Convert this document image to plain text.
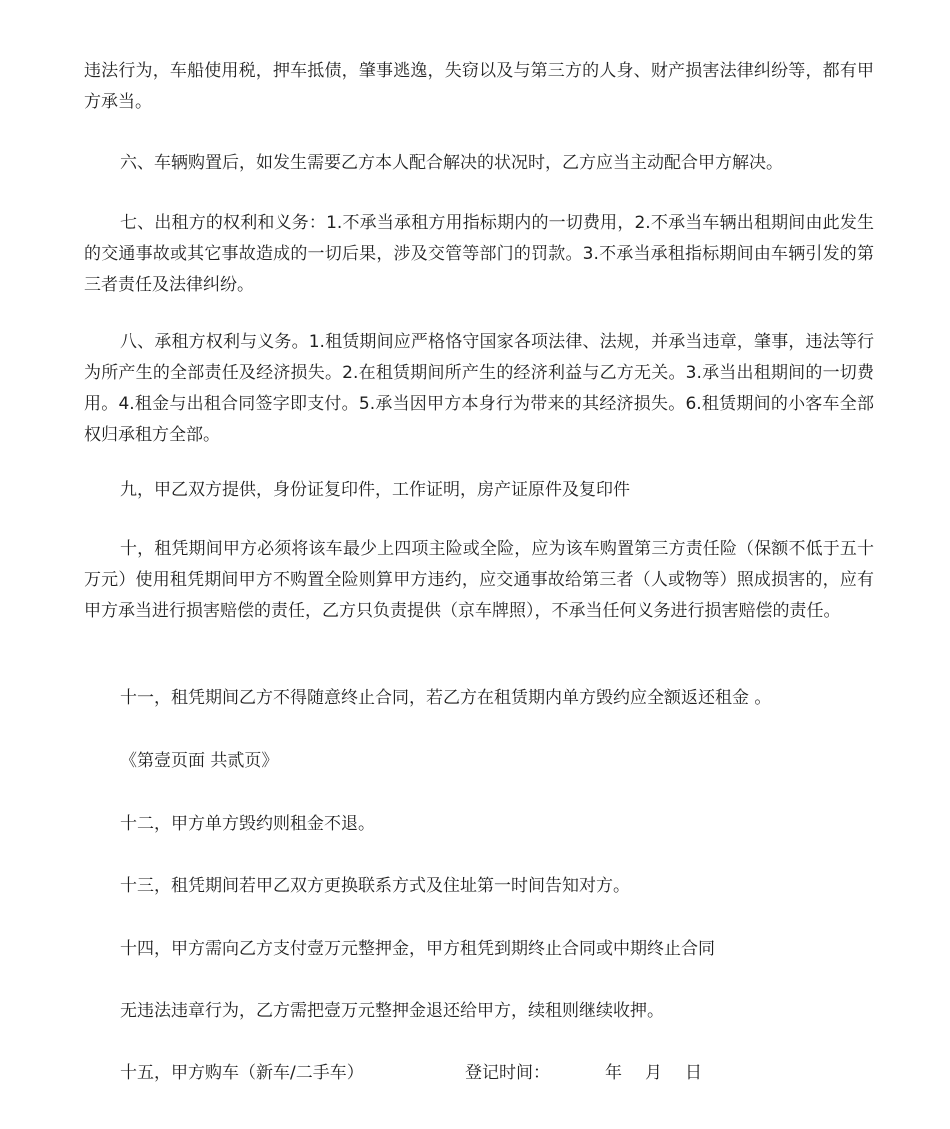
违法行为，车船使用税，押车抵债，肇事逃逸，失窃以及与第三方的人身、财产损害法律纠纷等，都有甲方承当。

六、车辆购置后，如发生需要乙方本人配合解决的状况时，乙方应当主动配合甲方解决。

七、出租方的权利和义务：1.不承当承租方用指标期内的一切费用，2.不承当车辆出租期间由此发生的交通事故或其它事故造成的一切后果，涉及交管等部门的罚款。3.不承当承租指标期间由车辆引发的第三者责任及法律纠纷。

八、承租方权利与义务。1.租赁期间应严格恪守国家各项法律、法规，并承当违章，肇事，违法等行为所产生的全部责任及经济损失。2.在租赁期间所产生的经济利益与乙方无关。3.承当出租期间的一切费用。4.租金与出租合同签字即支付。5.承当因甲方本身行为带来的其经济损失。6.租赁期间的小客车全部权归承租方全部。

九，甲乙双方提供，身份证复印件，工作证明，房产证原件及复印件

十，租凭期间甲方必须将该车最少上四项主险或全险，应为该车购置第三方责任险（保额不低于五十万元）使用租凭期间甲方不购置全险则算甲方违约，应交通事故给第三者（人或物等）照成损害的，应有甲方承当进行损害赔偿的责任，乙方只负责提供（京车牌照），不承当任何义务进行损害赔偿的责任。

十一，租凭期间乙方不得随意终止合同，若乙方在租赁期内单方毁约应全额返还租金 。

《第壹页面 共贰页》

十二，甲方单方毁约则租金不退。

十三，租凭期间若甲乙双方更换联系方式及住址第一时间告知对方。

十四，甲方需向乙方支付壹万元整押金，甲方租凭到期终止合同或中期终止合同

无违法违章行为，乙方需把壹万元整押金退还给甲方，续租则继续收押。

十五，甲方购车（新车/二手车）	登记时间：	年 月 日
